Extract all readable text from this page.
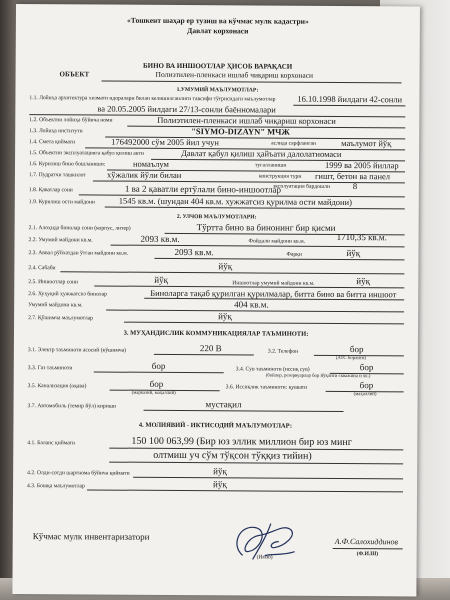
«Тошкент шаҳар ер тузиш ва кўчмас мулк кадастри»
Давлат корхонаси
БИНО ВА ИНШООТЛАР ҲИСОБ ВАРАҚАСИ
ОБЪЕКТ	Полиэтилен-пленкаси ишлаб чиқариш корхонаси
1.УМУМИЙ МАЪЛУМОТЛАР:
1.1. Лойиҳа архитектура хизмати идоралари билан келишилганлиги тавсифи тўғрисидаги маълумотлар	16.10.1998 йилдаги 42-сонли
ва 20.05.2005 йилдаги 27/13-сонли баённомалари
1.2. Объектни лойиҳа бўйича номи	Полиэтилен-пленкаси ишлаб чиқариш корхонаси
1.3. Лойиҳа институти	"SIYMO-DIZAYN" МЧЖ
1.4. Смета қиймати	176492000 сўм 2005 йил учун	аслида сарфланган	маълумот йўқ
1.5. Объектни эксплуатацияга қабул қилиш акти	Давлат қабул қилиш ҳайъати далолатномаси
1.6. Курилиш бино бошланиши:	номаълум	тугалланиши	1999 ва 2005 йиллар
1.7. Пудратчи ташкилот хўжалик йўли билан	конструкция тури гишт, бетон ва панел
эксплуатация бардошли	8
1.8. Қаватлар сони	1 ва 2 қаватли ертўлали бино-иншоотлар
1.9. Курилиш ости майдони	1545 кв.м. (шундан 404 кв.м. хужжатсиз қурилма ости майдони)
2. УЛЧОВ МАЪЛУМОТЛАРИ:
2.1. Алоҳида бинолар сони (корпус, литер)	Тўртта бино ва бинонинг бир қисми
2.2. Умумий майдони кв.м.	2093 кв.м.	Фойдали майдони кв.м.	1710,35 кв.м.
2.3. Аввал рўйхатдан ўтган майдони кв.м.	2093 кв.м.	Фарқи	йўқ
2.4. Сабаби	йўқ
2.5. Иншоотлар сони	йўқ	Иншоотлар умумий майдони кв.м.	йўқ
2.6. Хуҳуқий ҳужжатсиз бинолар	Биноларга тақаб қурилган қурилмалар, битта бино ва битта иншоот
Умумий майдони кв.м.	404 кв.м.
2.7. Қўшимча маълумотлар	йўқ
3. МУҲАНДИСЛИК КОММУНИКАЦИЯЛАР ТАЪМИНОТИ:
3.1. Электр таъминоти асосий (кўшимча)	220 В	3.2. Телефон	бор
(АТС борлиги)
3.3. Газ таъминоти	бор	3.4. Сув таъминоти (иссиқ сув)	бор
(бойлер, резервуарлар бор йўқлиги скважина и хк.)
3.5. Канализация (оқава)	бор
(марказий, маҳаллий)
3.6. Иссиқлик таъминоти: қуввати	бор
(маҳаллий)
3.7. Автомобиль (темир йўл) кириши	мустақил
4. МОЛИЯВИЙ - ИКТИСОДИЙ МАЪЛУМОТЛАР:
4.1. Баланс қиймати	150 100 063,99 (Бир юз эллик миллион бир юз минг
олтмиш уч сўм тўқсон тўққиз тийин)
4.2. Олди-сотди шартнома бўйича қиймати	йўқ
4.3. Бошқа маълумотлар	йўқ
Кўчмас мулк инвентаризатори
(Имзо)
А.Ф.Салохиддинов
(Ф.И.Ш)
